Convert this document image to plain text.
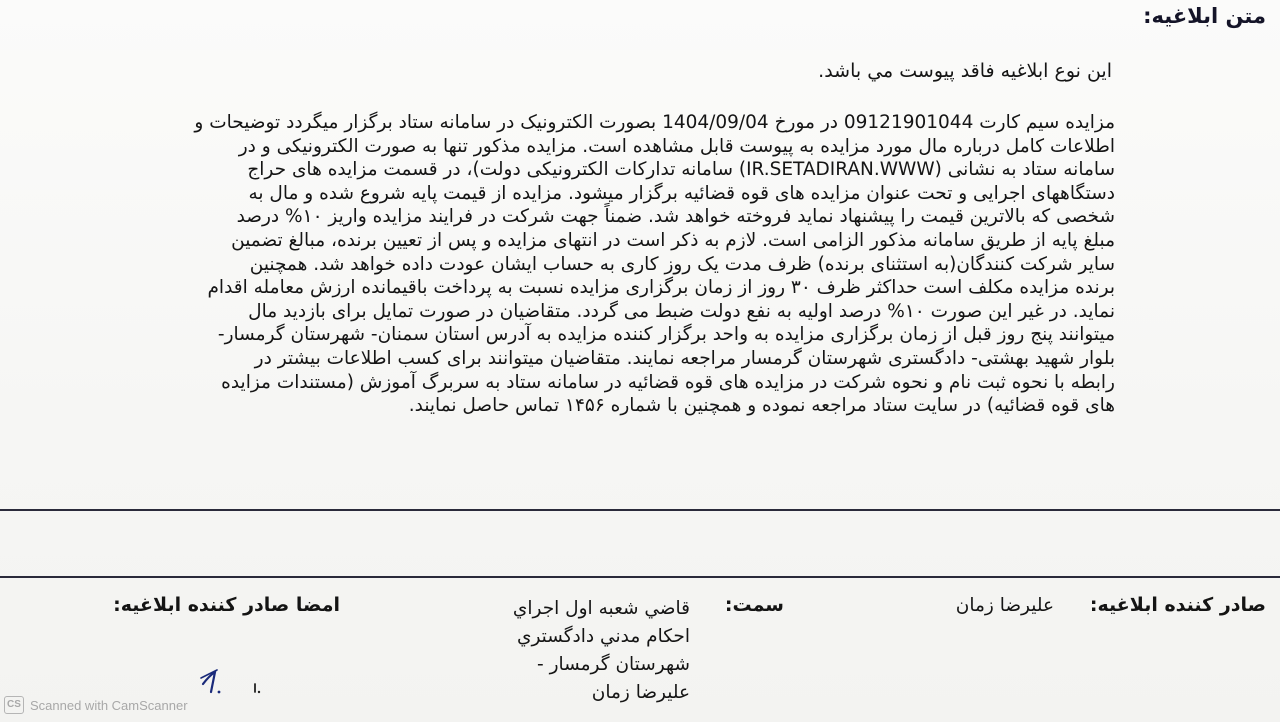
متن ابلاغیه:
این نوع ابلاغیه فاقد پیوست مي باشد.

مزایده سیم کارت 09121901044 در مورخ 1404/09/04 بصورت الکترونیک در سامانه ستاد برگزار میگردد توضیحات و

اطلاعات کامل درباره مال مورد مزایده به پیوست قابل مشاهده است. مزایده مذکور تنها به صورت الکترونیکی و در

سامانه ستاد به نشانی (IR.SETADIRAN.WWW) سامانه تدارکات الکترونیکی دولت)، در قسمت مزایده های حراج

دستگاههای اجرایی و تحت عنوان مزایده های قوه قضائیه برگزار میشود. مزایده از قیمت پایه شروع شده و مال به

شخصی که بالاترین قیمت را پیشنهاد نماید فروخته خواهد شد. ضمناً جهت شرکت در فرایند مزایده واریز ۱۰% درصد

مبلغ پایه از طریق سامانه مذکور الزامی است. لازم به ذکر است در انتهای مزایده و پس از تعیین برنده، مبالغ تضمین

سایر شرکت کنندگان(به استثنای برنده) ظرف مدت یک روز کاری به حساب ایشان عودت داده خواهد شد. همچنین

برنده مزایده مکلف است حداکثر ظرف ۳۰ روز از زمان برگزاری مزایده نسبت به پرداخت باقیمانده ارزش معامله اقدام

نماید. در غیر این صورت ۱۰% درصد اولیه به نفع دولت ضبط می گردد. متقاضیان در صورت تمایل برای بازدید مال

میتوانند پنج روز قبل از زمان برگزاری مزایده به واحد برگزار کننده مزایده به آدرس استان سمنان- شهرستان گرمسار-

بلوار شهید بهشتی- دادگستری شهرستان گرمسار مراجعه نمایند. متقاضیان میتوانند برای کسب اطلاعات بیشتر در

رابطه با نحوه ثبت نام و نحوه شرکت در مزایده های قوه قضائیه در سامانه ستاد به سربرگ آموزش (مستندات مزایده

های قوه قضائیه) در سایت ستاد مراجعه نموده و همچنین با شماره ۱۴۵۶ تماس حاصل نمایند.

صادر کننده ابلاغیه:
علیرضا زمان
سمت:
قاضي شعبه اول اجراي
احکام مدني دادگستري
شهرستان گرمسار -
علیرضا زمان
امضا صادر کننده ابلاغیه:
CS Scanned with CamScanner
